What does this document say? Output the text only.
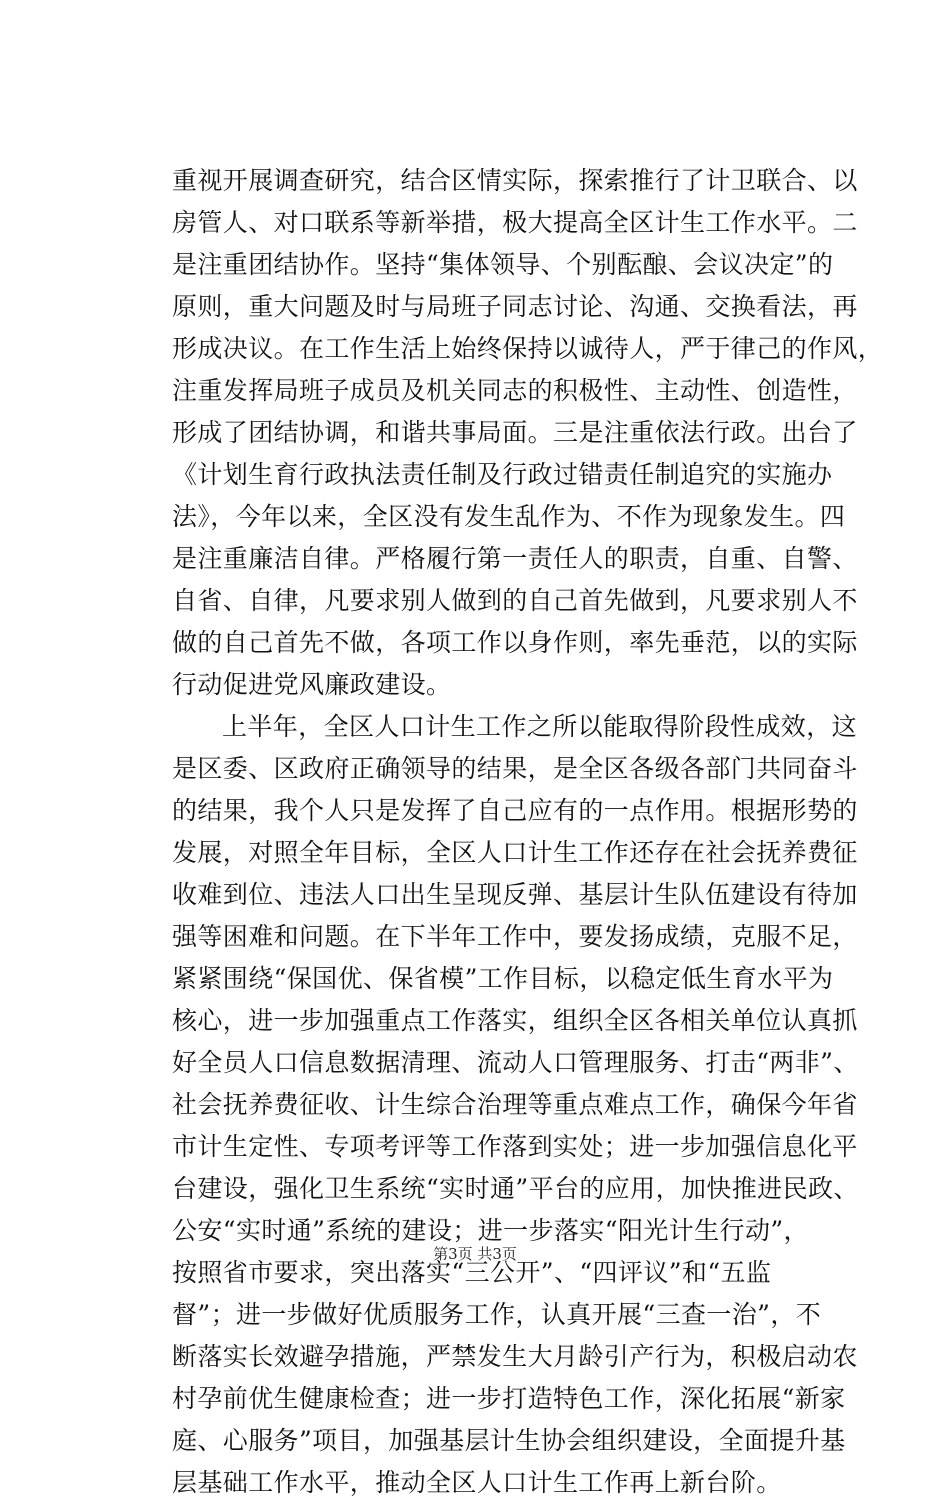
重视开展调查研究，结合区情实际，探索推行了计卫联合、以
房管人、对口联系等新举措，极大提高全区计生工作水平。二
是注重团结协作。坚持“集体领导、个别酝酿、会议决定”的
原则，重大问题及时与局班子同志讨论、沟通、交换看法，再
形成决议。在工作生活上始终保持以诚待人，严于律己的作风，
注重发挥局班子成员及机关同志的积极性、主动性、创造性，
形成了团结协调，和谐共事局面。三是注重依法行政。出台了
《计划生育行政执法责任制及行政过错责任制追究的实施办
法》，今年以来，全区没有发生乱作为、不作为现象发生。四
是注重廉洁自律。严格履行第一责任人的职责，自重、自警、
自省、自律，凡要求别人做到的自己首先做到，凡要求别人不
做的自己首先不做，各项工作以身作则，率先垂范，以的实际
行动促进党风廉政建设。
上半年，全区人口计生工作之所以能取得阶段性成效，这
是区委、区政府正确领导的结果，是全区各级各部门共同奋斗
的结果，我个人只是发挥了自己应有的一点作用。根据形势的
发展，对照全年目标，全区人口计生工作还存在社会抚养费征
收难到位、违法人口出生呈现反弹、基层计生队伍建设有待加
强等困难和问题。在下半年工作中，要发扬成绩，克服不足，
紧紧围绕“保国优、保省模”工作目标，以稳定低生育水平为
核心，进一步加强重点工作落实，组织全区各相关单位认真抓
好全员人口信息数据清理、流动人口管理服务、打击“两非”、
社会抚养费征收、计生综合治理等重点难点工作，确保今年省
市计生定性、专项考评等工作落到实处；进一步加强信息化平
台建设，强化卫生系统“实时通”平台的应用，加快推进民政、
公安“实时通”系统的建设；进一步落实“阳光计生行动”，
按照省市要求，突出落实“三公开”、“四评议”和“五监
督”；进一步做好优质服务工作，认真开展“三查一治”，不
断落实长效避孕措施，严禁发生大月龄引产行为，积极启动农
村孕前优生健康检查；进一步打造特色工作，深化拓展“新家
庭、心服务”项目，加强基层计生协会组织建设，全面提升基
层基础工作水平，推动全区人口计生工作再上新台阶。
第3页 共3页
